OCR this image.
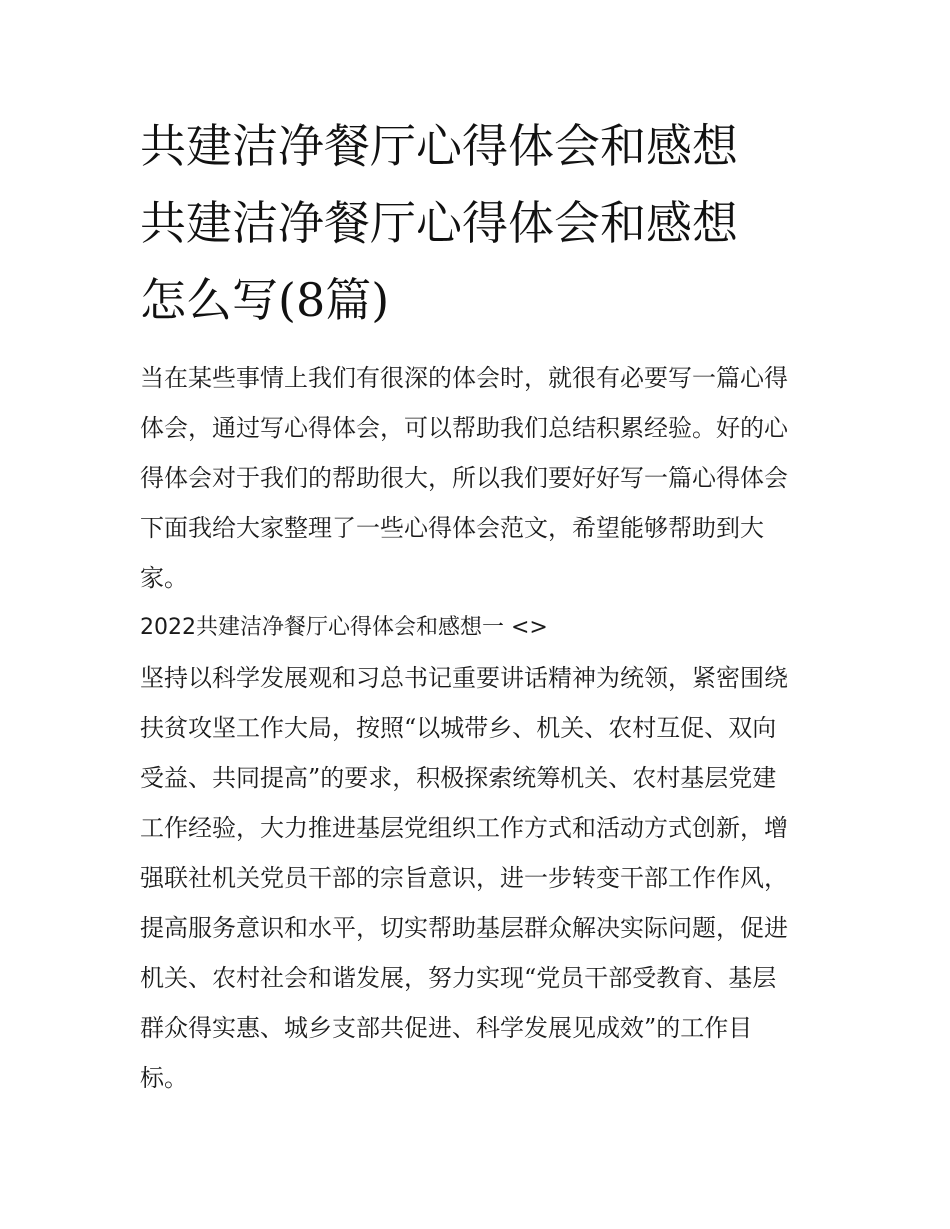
共建洁净餐厅心得体会和感想
共建洁净餐厅心得体会和感想
怎么写(8篇)
当在某些事情上我们有很深的体会时，就很有必要写一篇心得
体会，通过写心得体会，可以帮助我们总结积累经验。好的心
得体会对于我们的帮助很大，所以我们要好好写一篇心得体会
下面我给大家整理了一些心得体会范文，希望能够帮助到大
家。
2022共建洁净餐厅心得体会和感想一 <>
坚持以科学发展观和习总书记重要讲话精神为统领，紧密围绕
扶贫攻坚工作大局，按照“以城带乡、机关、农村互促、双向
受益、共同提高”的要求，积极探索统筹机关、农村基层党建
工作经验，大力推进基层党组织工作方式和活动方式创新，增
强联社机关党员干部的宗旨意识，进一步转变干部工作作风，
提高服务意识和水平，切实帮助基层群众解决实际问题，促进
机关、农村社会和谐发展，努力实现“党员干部受教育、基层
群众得实惠、城乡支部共促进、科学发展见成效”的工作目
标。
